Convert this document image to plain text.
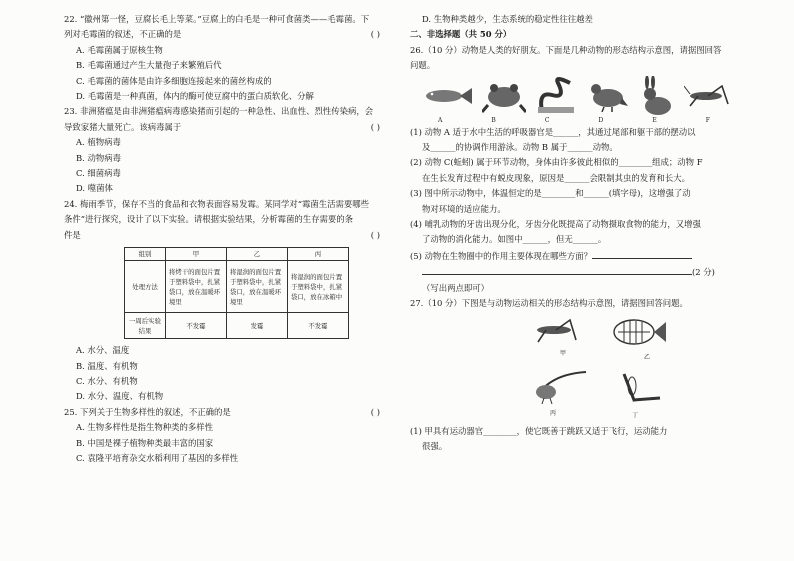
22. “徽州第一怪，豆腐长毛上等菜。”豆腐上的白毛是一种可食菌类——毛霉菌。下
列对毛霉菌的叙述，不正确的是	( )
A. 毛霉菌属于原核生物
B. 毛霉菌通过产生大量孢子来繁殖后代
C. 毛霉菌的菌体是由许多细胞连接起来的菌丝构成的
D. 毛霉菌是一种真菌，体内的酶可使豆腐中的蛋白质软化、分解
23. 非洲猪瘟是由非洲猪瘟病毒感染猪而引起的一种急性、出血性、烈性传染病，会
导致家猪大量死亡。该病毒属于	( )
A. 植物病毒
B. 动物病毒
C. 细菌病毒
D. 噬菌体
24. 梅雨季节，保存不当的食品和衣物表面容易发霉。某同学对“霉菌生活需要哪些
条件”进行探究，设计了以下实验。请根据实验结果，分析霉菌的生存需要的条
件是	( )
组别	甲	乙	丙
处理方法	将烤干的面包片置于塑料袋中，扎紧袋口，放在温暖环境里	将湿润的面包片置于塑料袋中，扎紧袋口，放在温暖环境里	将湿润的面包片置于塑料袋中，扎紧袋口，放在冰箱中
一周后实验结果	不发霉	发霉	不发霉
A. 水分、温度
B. 温度、有机物
C. 水分、有机物
D. 水分、温度、有机物
25. 下列关于生物多样性的叙述，不正确的是	( )
A. 生物多样性是指生物种类的多样性
B. 中国是裸子植物种类最丰富的国家
C. 袁隆平培育杂交水稻利用了基因的多样性
D. 生物种类越少，生态系统的稳定性往往越差
二、非选择题（共 50 分）
26.（10 分）动物是人类的好朋友。下面是几种动物的形态结构示意图，请据图回答
问题。
A	B	C	D	E	F
(1) 动物 A 适于水中生活的呼吸器官是______，其通过尾部和躯干部的摆动以
及______的协调作用游泳。动物 B 属于______动物。
(2) 动物 C(蚯蚓) 属于环节动物，身体由许多彼此相似的________组成；动物 F
在生长发育过程中有蜕皮现象，原因是______会限制其虫的发育和长大。
(3) 图中所示动物中，体温恒定的是________和______(填字母)，这增强了动
物对环境的适应能力。
(4) 哺乳动物的牙齿出现分化，牙齿分化既提高了动物摄取食物的能力，又增强
了动物的消化能力。如图中______，但无______。
(5) 动物在生物圈中的作用主要体现在哪些方面？
(2 分)
（写出两点即可）
27.（10 分）下图是与动物运动相关的形态结构示意图，请据图回答问题。
甲
乙
丙	丁
(1) 甲具有运动器官________，使它既善于跳跃又适于飞行，运动能力
很强。
